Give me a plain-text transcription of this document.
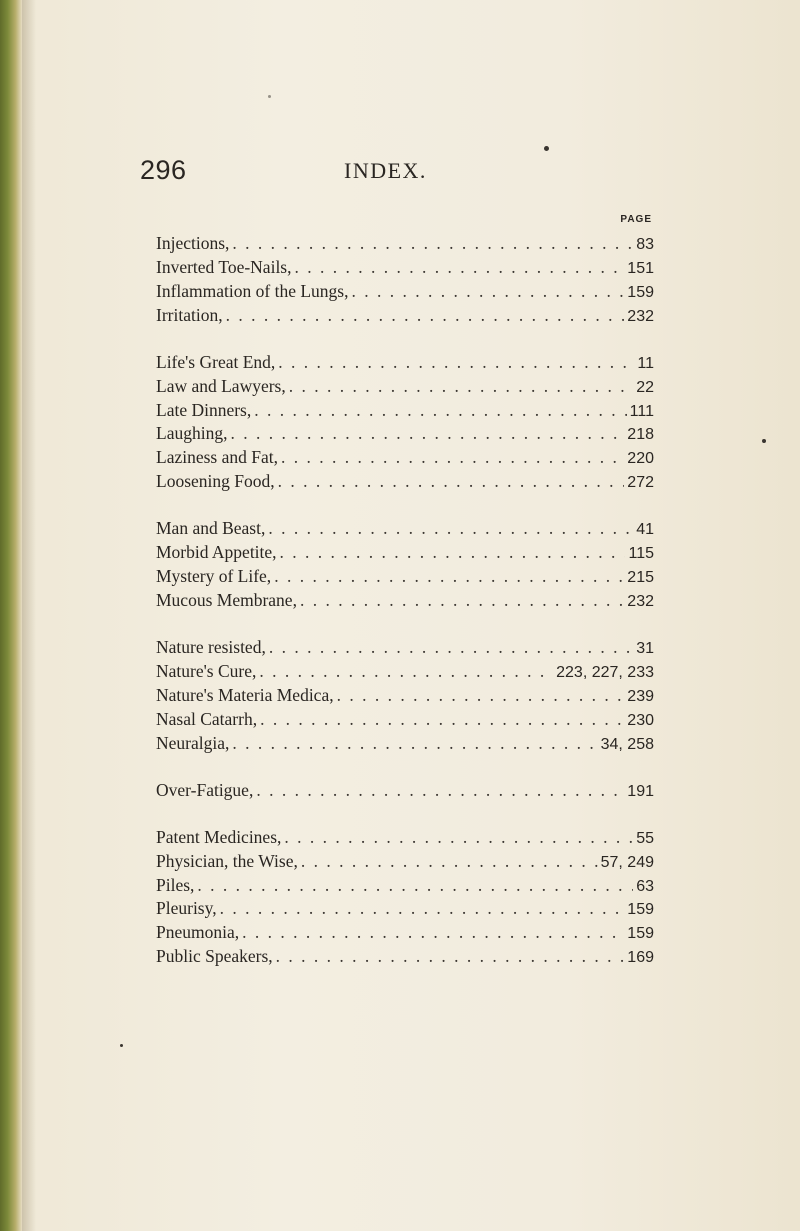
296	INDEX.
PAGE
Injections, . . .	83
Inverted Toe-Nails, . . .	151
Inflammation of the Lungs, . . .	159
Irritation, . . .	232
Life's Great End, . . .	11
Law and Lawyers, . . .	22
Late Dinners, . . .	111
Laughing, . . .	218
Laziness and Fat, . . .	220
Loosening Food, . . .	272
Man and Beast, . . .	41
Morbid Appetite, . . .	115
Mystery of Life, . . .	215
Mucous Membrane, . . .	232
Nature resisted, . . .	31
Nature's Cure, . . .	223, 227, 233
Nature's Materia Medica, . . .	239
Nasal Catarrh, . . .	230
Neuralgia, . . .	34, 258
Over-Fatigue, . . .	191
Patent Medicines, . . .	55
Physician, the Wise, . . .	57, 249
Piles, . . .	63
Pleurisy, . . .	159
Pneumonia, . . .	159
Public Speakers, . . .	169
